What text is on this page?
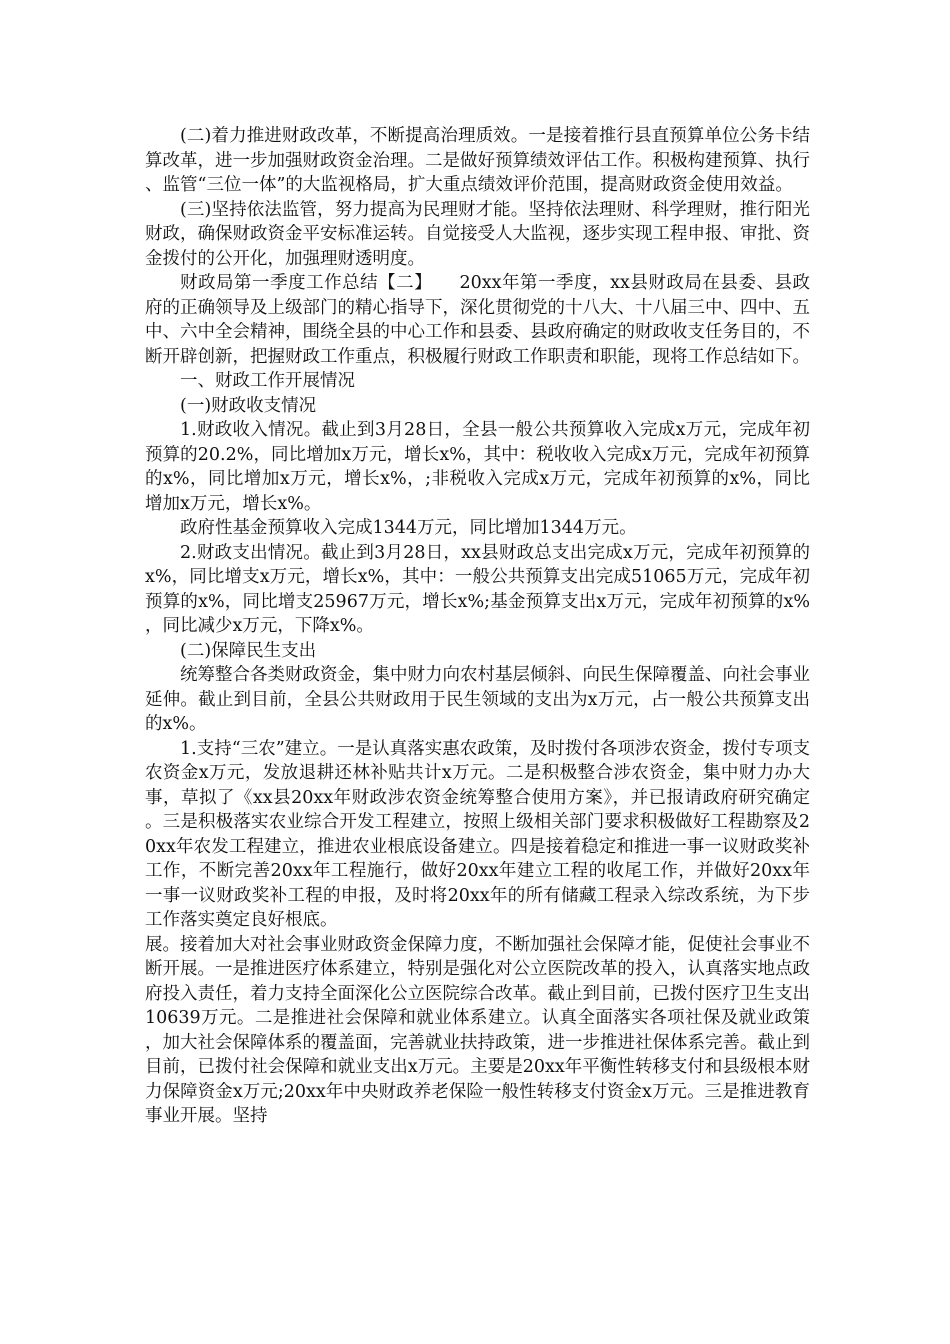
(二)着力推进财政改革，不断提高治理质效。一是接着推行县直预算单位公务卡结算改革，进一步加强财政资金治理。二是做好预算绩效评估工作。积极构建预算、执行、监管“三位一体”的大监视格局，扩大重点绩效评价范围，提高财政资金使用效益。

(三)坚持依法监管，努力提高为民理财才能。坚持依法理财、科学理财，推行阳光财政，确保财政资金平安标准运转。自觉接受人大监视，逐步实现工程申报、审批、资金拨付的公开化，加强理财透明度。

财政局第一季度工作总结【二】　　20xx年第一季度，xx县财政局在县委、县政府的正确领导及上级部门的精心指导下，深化贯彻党的十八大、十八届三中、四中、五中、六中全会精神，围绕全县的中心工作和县委、县政府确定的财政收支任务目的，不断开辟创新，把握财政工作重点，积极履行财政工作职责和职能，现将工作总结如下。

一、财政工作开展情况

(一)财政收支情况

1.财政收入情况。截止到3月28日，全县一般公共预算收入完成x万元，完成年初预算的20.2%，同比增加x万元，增长x%，其中：税收收入完成x万元，完成年初预算的x%，同比增加x万元，增长x%，;非税收入完成x万元，完成年初预算的x%，同比增加x万元，增长x%。

政府性基金预算收入完成1344万元，同比增加1344万元。

2.财政支出情况。截止到3月28日，xx县财政总支出完成x万元，完成年初预算的x%，同比增支x万元，增长x%，其中：一般公共预算支出完成51065万元，完成年初预算的x%，同比增支25967万元，增长x%;基金预算支出x万元，完成年初预算的x%，同比减少x万元，下降x%。

(二)保障民生支出

统筹整合各类财政资金，集中财力向农村基层倾斜、向民生保障覆盖、向社会事业延伸。截止到目前，全县公共财政用于民生领域的支出为x万元，占一般公共预算支出的x%。

1.支持“三农”建立。一是认真落实惠农政策，及时拨付各项涉农资金，拨付专项支农资金x万元，发放退耕还林补贴共计x万元。二是积极整合涉农资金，集中财力办大事，草拟了《xx县20xx年财政涉农资金统筹整合使用方案》，并已报请政府研究确定。三是积极落实农业综合开发工程建立，按照上级相关部门要求积极做好工程勘察及20xx年农发工程建立，推进农业根底设备建立。四是接着稳定和推进一事一议财政奖补工作，不断完善20xx年工程施行，做好20xx年建立工程的收尾工作，并做好20xx年一事一议财政奖补工程的申报，及时将20xx年的所有储藏工程录入综改系统，为下步工作落实奠定良好根底。

展。接着加大对社会事业财政资金保障力度，不断加强社会保障才能，促使社会事业不断开展。一是推进医疗体系建立，特别是强化对公立医院改革的投入，认真落实地点政府投入责任，着力支持全面深化公立医院综合改革。截止到目前，已拨付医疗卫生支出10639万元。二是推进社会保障和就业体系建立。认真全面落实各项社保及就业政策，加大社会保障体系的覆盖面，完善就业扶持政策，进一步推进社保体系完善。截止到目前，已拨付社会保障和就业支出x万元。主要是20xx年平衡性转移支付和县级根本财力保障资金x万元;20xx年中央财政养老保险一般性转移支付资金x万元。三是推进教育事业开展。坚持
